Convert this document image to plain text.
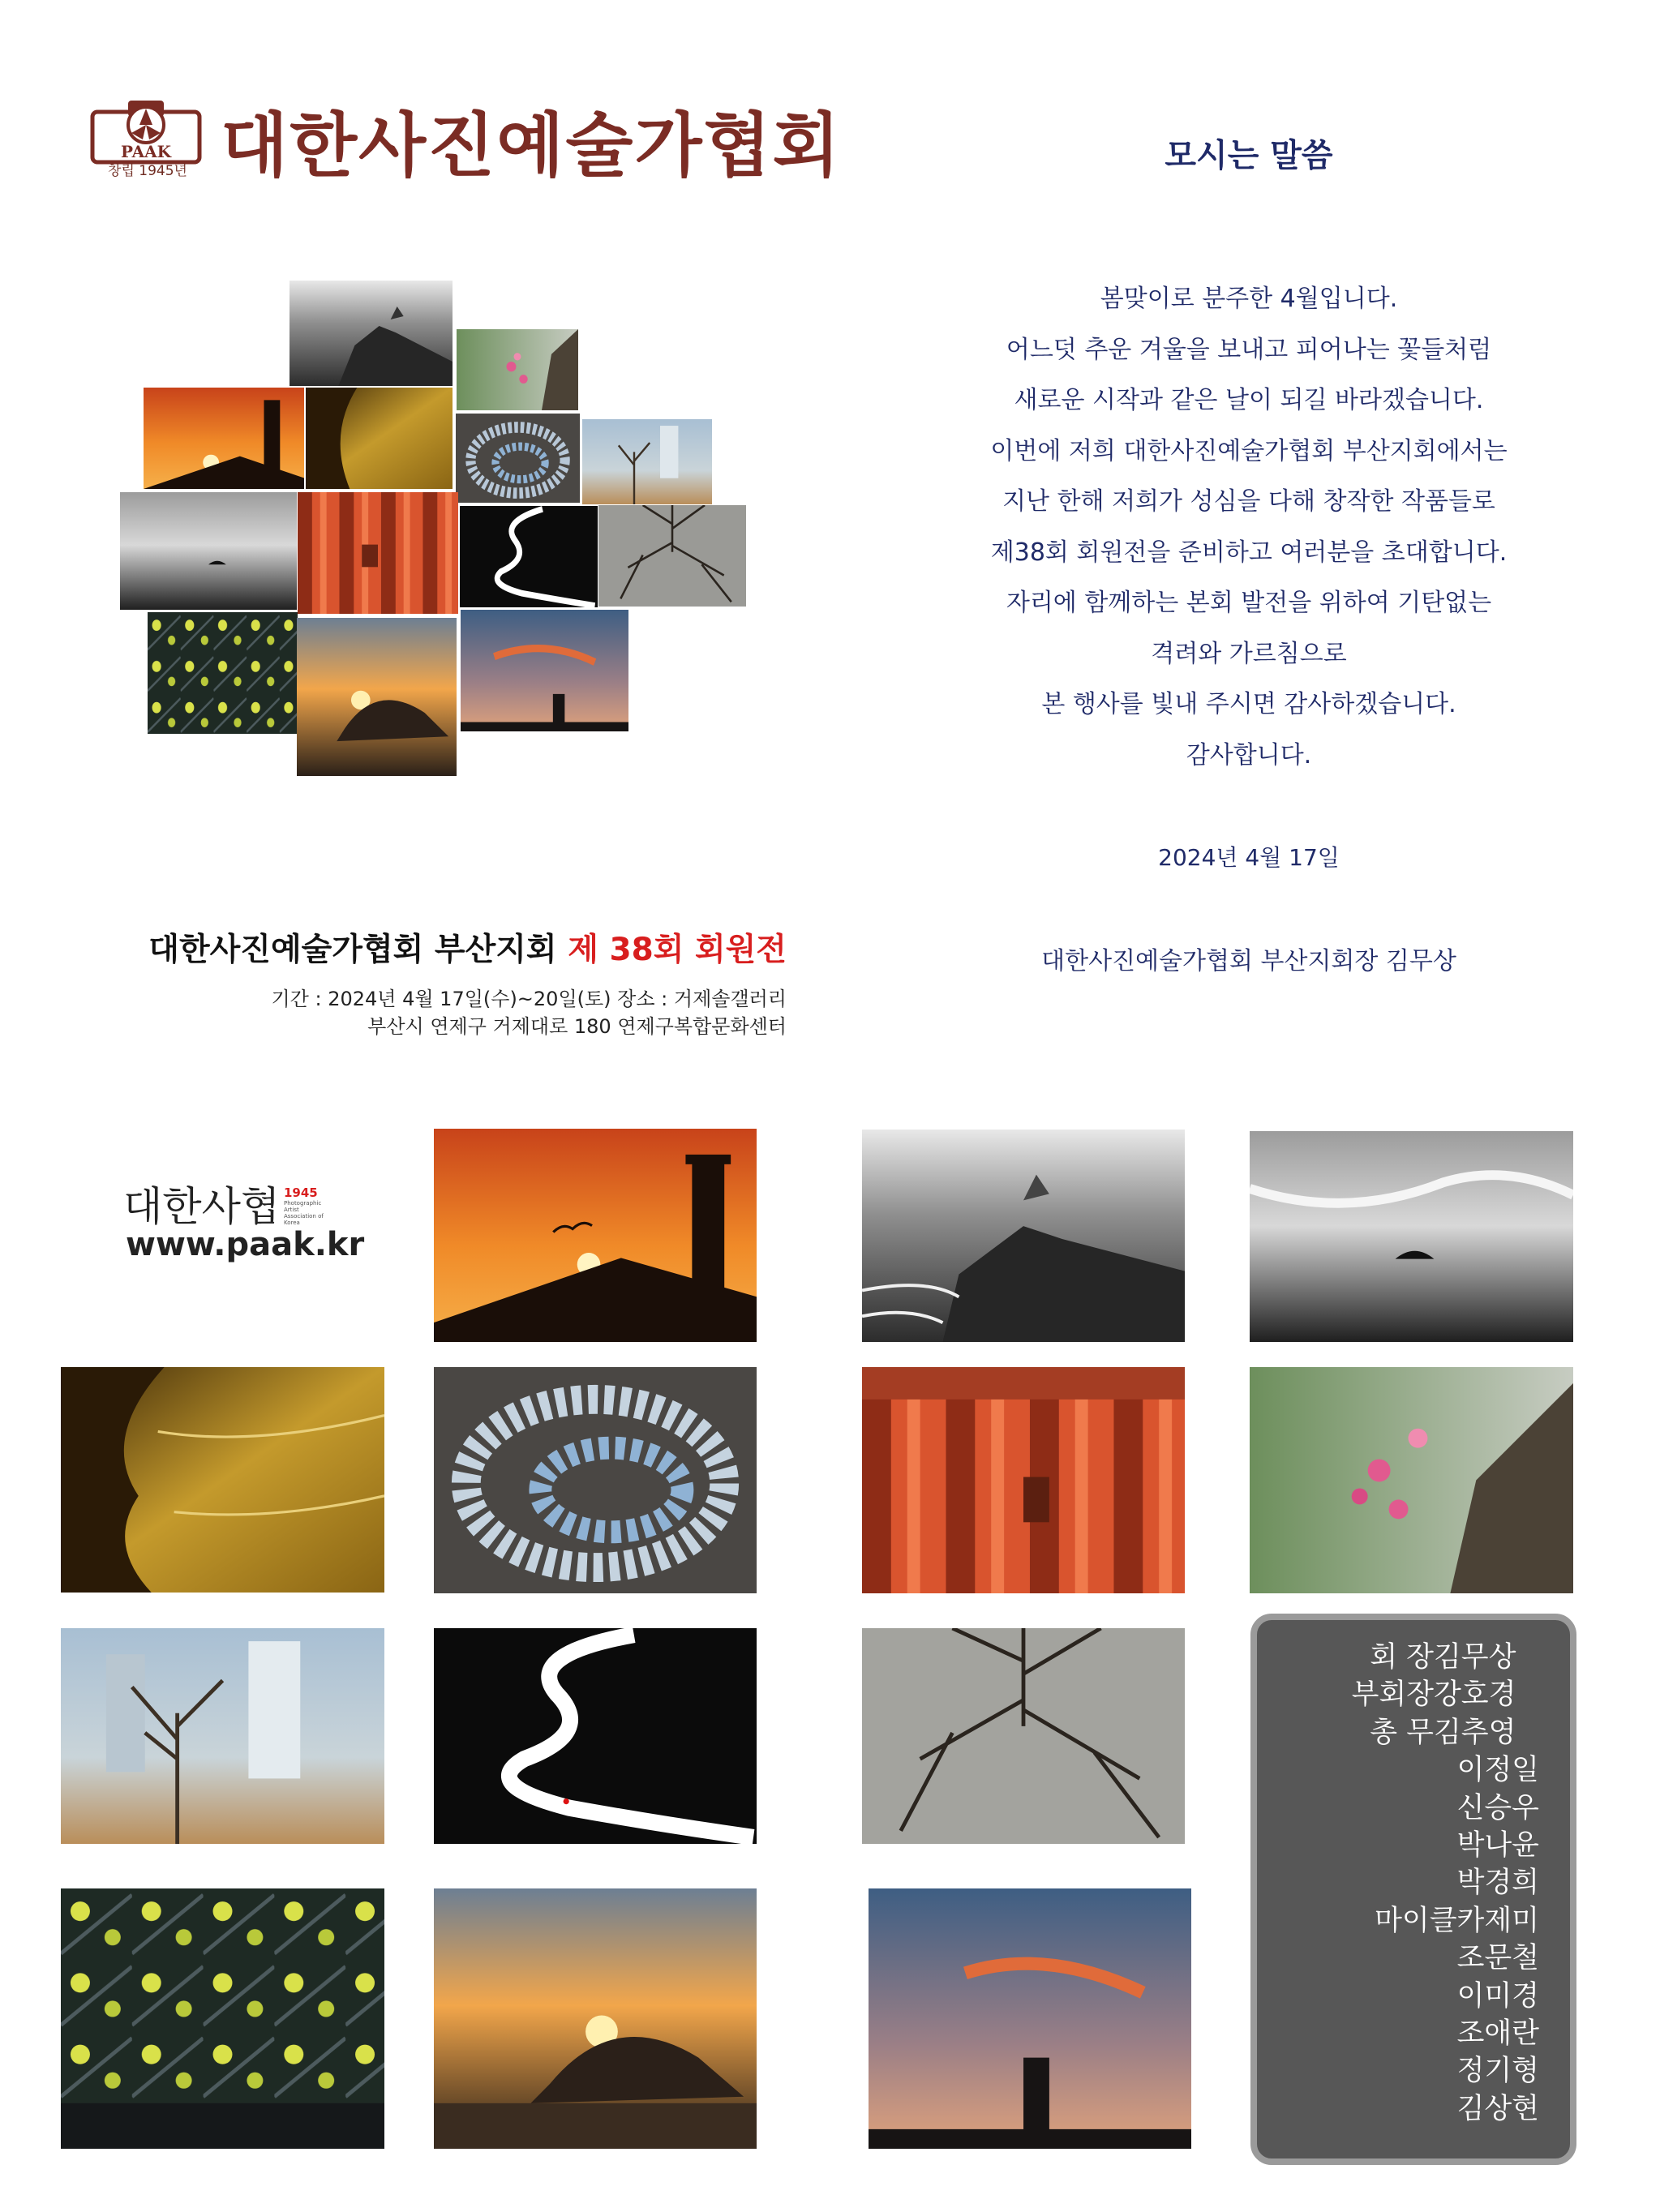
PAAK
창립 1945년 대한사진예술가협회	모시는 말씀
봄맞이로 분주한 4월입니다.
어느덧 추운 겨울을 보내고 피어나는 꽃들처럼
새로운 시작과 같은 날이 되길 바라겠습니다.
이번에 저희 대한사진예술가협회 부산지회에서는
지난 한해 저희가 성심을 다해 창작한 작품들로
제38회 회원전을 준비하고 여러분을 초대합니다.
자리에 함께하는 본회 발전을 위하여 기탄없는
격려와 가르침으로
본 행사를 빛내 주시면 감사하겠습니다.
감사합니다.
2024년 4월 17일
대한사진예술가협회 부산지회장 김무상
대한사진예술가협회 부산지회 제 38회 회원전
기간 : 2024년 4월 17일(수)~20일(토) 장소 : 거제솔갤러리
부산시 연제구 거제대로 180 연제구복합문화센터
대한사협 1945
Photographic Artist Association of Korea
www.paak.kr
회 장 김무상
부회장 강호경
총 무 김추영
이정일
신승우
박나윤
박경희
마이클카제미
조문철
이미경
조애란
정기형
김상현
